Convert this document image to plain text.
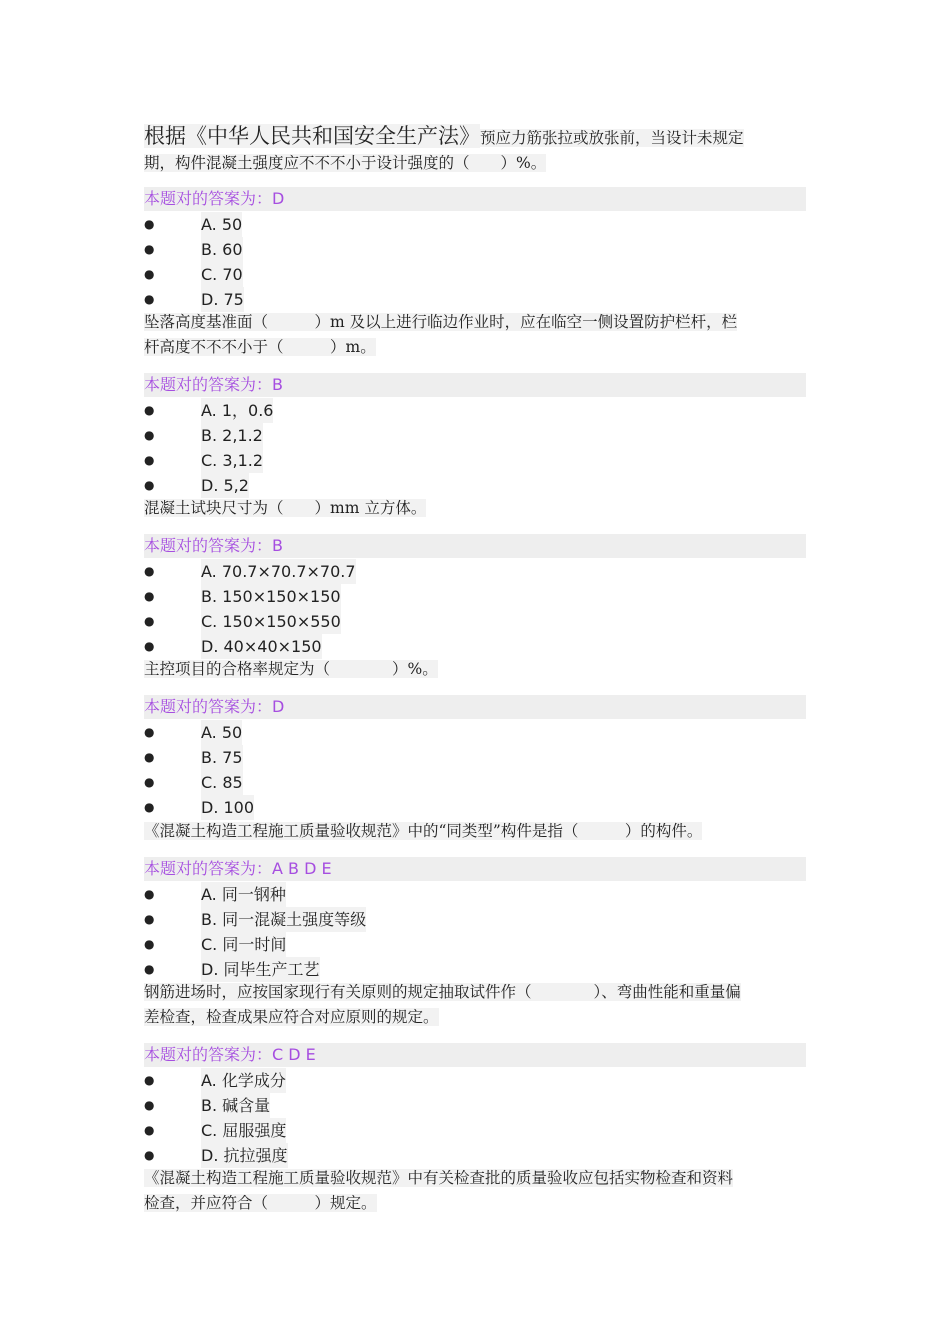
根据《中华人民共和国安全生产法》预应力筋张拉或放张前，当设计未规定
期，构件混凝土强度应不不不小于设计强度的（　　）%。
本题对的答案为：D
●	A. 50
●	B. 60
●	C. 70
●	D. 75
坠落高度基准面（　　　）m 及以上进行临边作业时，应在临空一侧设置防护栏杆，栏
杆高度不不不小于（　　　）m。
本题对的答案为：B
●	A. 1，0.6
●	B. 2,1.2
●	C. 3,1.2
●	D. 5,2
混凝土试块尺寸为（　　）mm 立方体。
本题对的答案为：B
●	A. 70.7×70.7×70.7
●	B. 150×150×150
●	C. 150×150×550
●	D. 40×40×150
主控项目的合格率规定为（　　　　）%。
本题对的答案为：D
●	A. 50
●	B. 75
●	C. 85
●	D. 100
《混凝土构造工程施工质量验收规范》中的“同类型”构件是指（　　　）的构件。
本题对的答案为：A B D E
●	A. 同一钢种
●	B. 同一混凝土强度等级
●	C. 同一时间
●	D. 同毕生产工艺
钢筋进场时，应按国家现行有关原则的规定抽取试件作（　　　　）、弯曲性能和重量偏
差检查，检查成果应符合对应原则的规定。
本题对的答案为：C D E
●	A. 化学成分
●	B. 碱含量
●	C. 屈服强度
●	D. 抗拉强度
《混凝土构造工程施工质量验收规范》中有关检查批的质量验收应包括实物检查和资料
检查，并应符合（　　　）规定。
